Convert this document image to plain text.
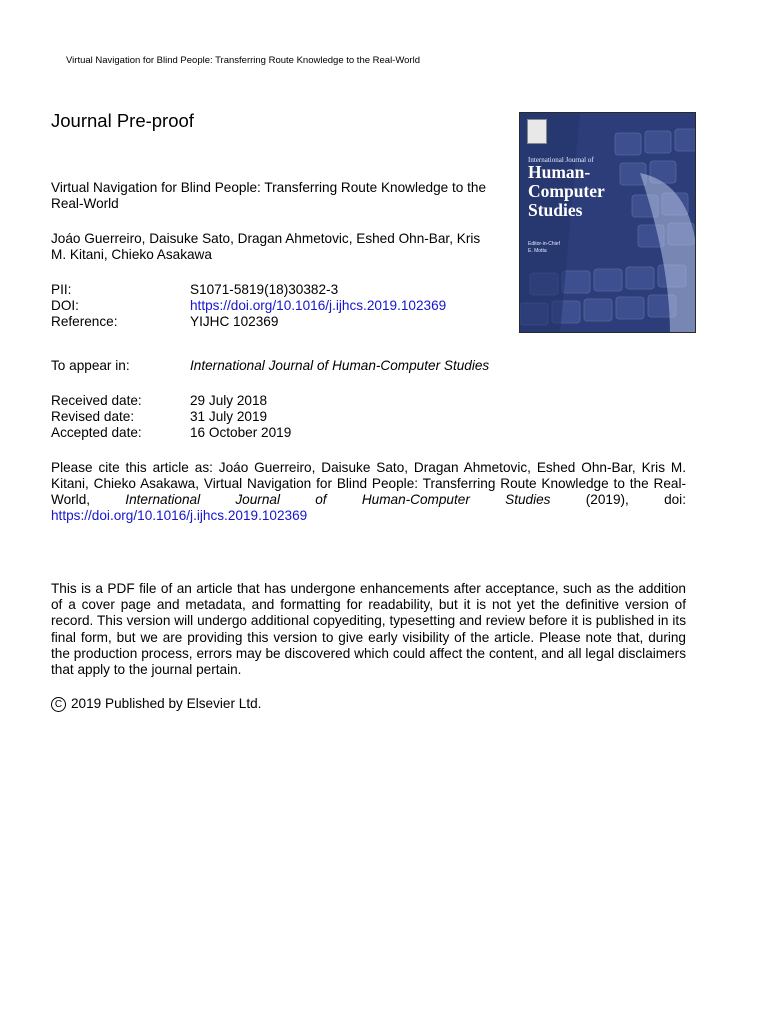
Virtual Navigation for Blind People: Transferring Route Knowledge to the Real-World
Journal Pre-proof
Virtual Navigation for Blind People: Transferring Route Knowledge to the Real-World
Joáo Guerreiro, Daisuke Sato, Dragan Ahmetovic, Eshed Ohn-Bar, Kris M. Kitani, Chieko Asakawa
PII:	S1071-5819(18)30382-3
DOI:	https://doi.org/10.1016/j.ijhcs.2019.102369
Reference:	YIJHC 102369
To appear in:	International Journal of Human-Computer Studies
Received date:	29 July 2018
Revised date:	31 July 2019
Accepted date:	16 October 2019
Please cite this article as: Joáo Guerreiro, Daisuke Sato, Dragan Ahmetovic, Eshed Ohn-Bar, Kris M. Kitani, Chieko Asakawa, Virtual Navigation for Blind People: Transferring Route Knowledge to the Real-World, International Journal of Human-Computer Studies (2019), doi: https://doi.org/10.1016/j.ijhcs.2019.102369
This is a PDF file of an article that has undergone enhancements after acceptance, such as the addition of a cover page and metadata, and formatting for readability, but it is not yet the definitive version of record. This version will undergo additional copyediting, typesetting and review before it is published in its final form, but we are providing this version to give early visibility of the article. Please note that, during the production process, errors may be discovered which could affect the content, and all legal disclaimers that apply to the journal pertain.
C 2019 Published by Elsevier Ltd.
International Journal of
Human-
Computer
Studies
Editor-in-Chief
E. Motta
